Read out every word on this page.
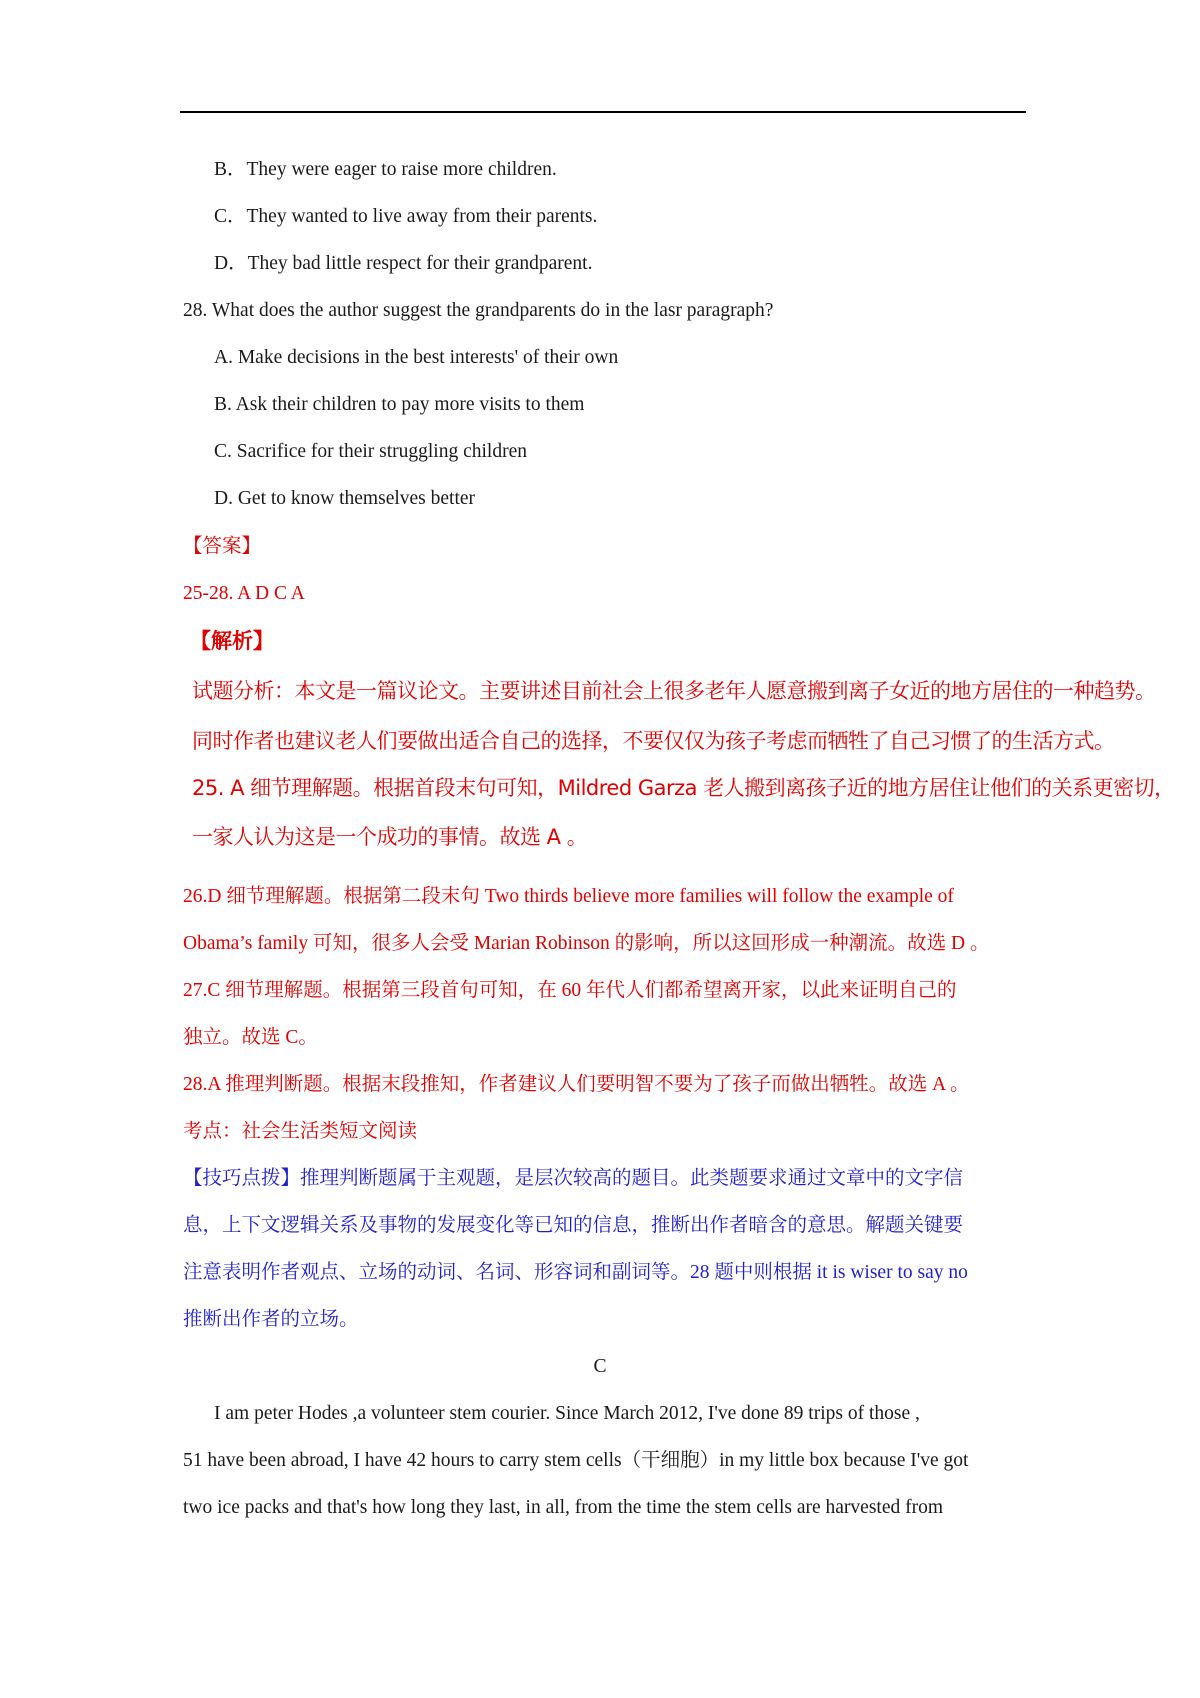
B．They were eager to raise more children.
C．They wanted to live away from their parents.
D．They bad little respect for their grandparent.
28. What does the author suggest the grandparents do in the lasr paragraph?
A. Make decisions in the best interests' of their own
B. Ask their children to pay more visits to them
C. Sacrifice for their struggling children
D. Get to know themselves better
【答案】
25-28. A D C A
【解析】
试题分析：本文是一篇议论文。主要讲述目前社会上很多老年人愿意搬到离子女近的地方居住的一种趋势。
同时作者也建议老人们要做出适合自己的选择，不要仅仅为孩子考虑而牺牲了自己习惯了的生活方式。
25. A 细节理解题。根据首段末句可知，Mildred Garza 老人搬到离孩子近的地方居住让他们的关系更密切，
一家人认为这是一个成功的事情。故选 A 。
26.D 细节理解题。根据第二段末句 Two thirds believe more families will follow the example of
Obama’s family 可知，很多人会受 Marian Robinson 的影响，所以这回形成一种潮流。故选 D 。
27.C 细节理解题。根据第三段首句可知，在 60 年代人们都希望离开家，以此来证明自己的
独立。故选 C。
28.A 推理判断题。根据末段推知，作者建议人们要明智不要为了孩子而做出牺牲。故选 A 。
考点：社会生活类短文阅读
【技巧点拨】推理判断题属于主观题，是层次较高的题目。此类题要求通过文章中的文字信
息，上下文逻辑关系及事物的发展变化等已知的信息，推断出作者暗含的意思。解题关键要
注意表明作者观点、立场的动词、名词、形容词和副词等。28 题中则根据 it is wiser to say no
推断出作者的立场。
C
I am peter Hodes ,a volunteer stem courier. Since March 2012, I've done 89 trips of those ,
51 have been abroad, I have 42 hours to carry stem cells（干细胞）in my little box because I've got
two ice packs and that's how long they last, in all, from the time the stem cells are harvested from
